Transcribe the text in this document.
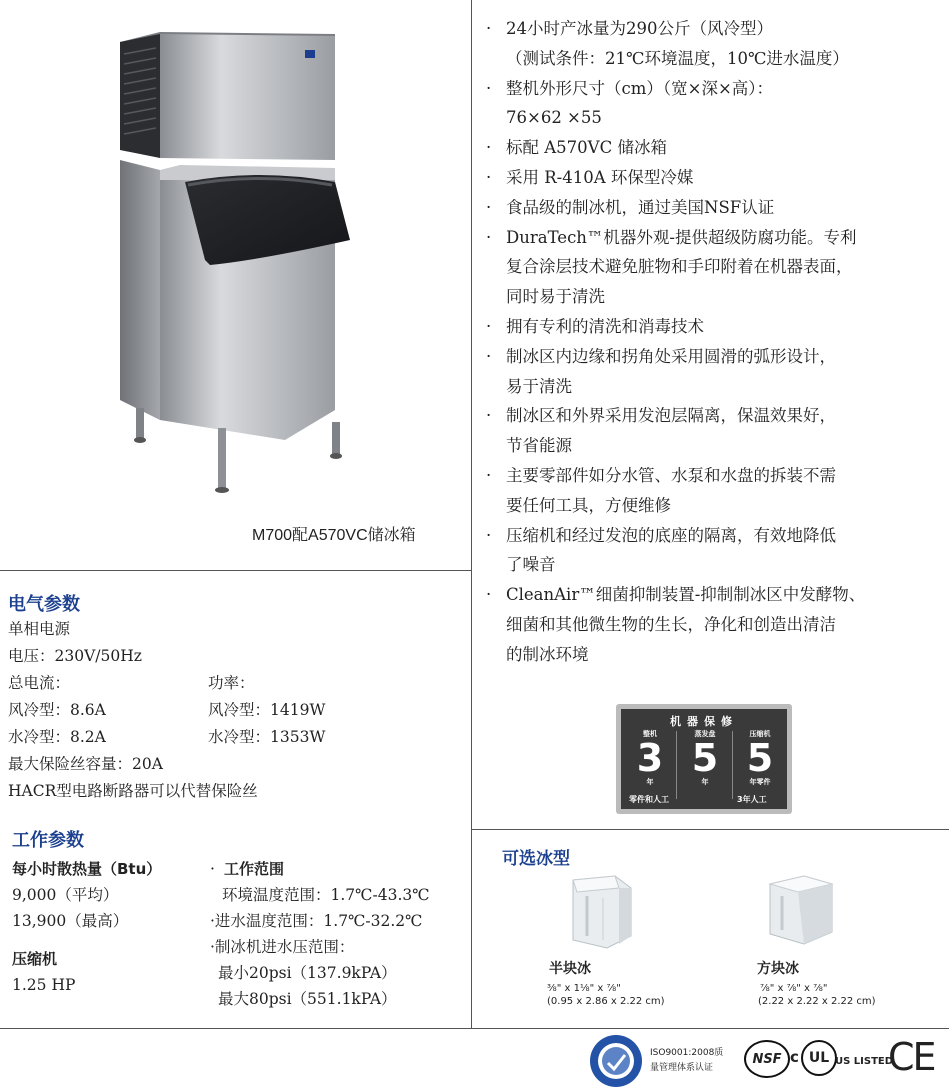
M700配A570VC储冰箱
· 24小时产冰量为290公斤（风冷型）
（测试条件：21℃环境温度，10℃进水温度）
· 整机外形尺寸（cm）（宽×深×高）：
76×62 ×55
· 标配 A570VC 储冰箱
· 采用 R-410A 环保型冷媒
· 食品级的制冰机，通过美国NSF认证
· DuraTech™机器外观-提供超级防腐功能。专利
复合涂层技术避免脏物和手印附着在机器表面，
同时易于清洗
· 拥有专利的清洗和消毒技术
· 制冰区内边缘和拐角处采用圆滑的弧形设计，
易于清洗
· 制冰区和外界采用发泡层隔离，保温效果好，
节省能源
· 主要零部件如分水管、水泵和水盘的拆装不需
要任何工具，方便维修
· 压缩机和经过发泡的底座的隔离，有效地降低
了噪音
· CleanAir™细菌抑制装置-抑制制冰区中发酵物、
细菌和其他微生物的生长，净化和创造出清洁
的制冰环境
电气参数
单相电源
电压：230V/50Hz
总电流：	功率：
风冷型：8.6A	风冷型：1419W
水冷型：8.2A	水冷型：1353W
最大保险丝容量：20A
HACR型电路断路器可以代替保险丝
工作参数
每小时散热量（Btu）
9,000（平均）
13,900（最高）
压缩机
1.25 HP
· 工作范围
环境温度范围：1.7℃-43.3℃
·进水温度范围：1.7℃-32.2℃
·制冰机进水压范围：
最小20psi（137.9kPA）
最大80psi（551.1kPA）
机器保修
整机
3
年
蒸发盘
5
年
压缩机
5
年零件
零件和人工	3年人工
可选冰型
半块冰
⅜" x 1⅛" x ⅞"
(0.95 x 2.86 x 2.22 cm)
方块冰
⅞" x ⅞" x ⅞"
(2.22 x 2.22 x 2.22 cm)
ISO9001:2008质
量管理体系认证
NSF c UL US LISTED
CE
